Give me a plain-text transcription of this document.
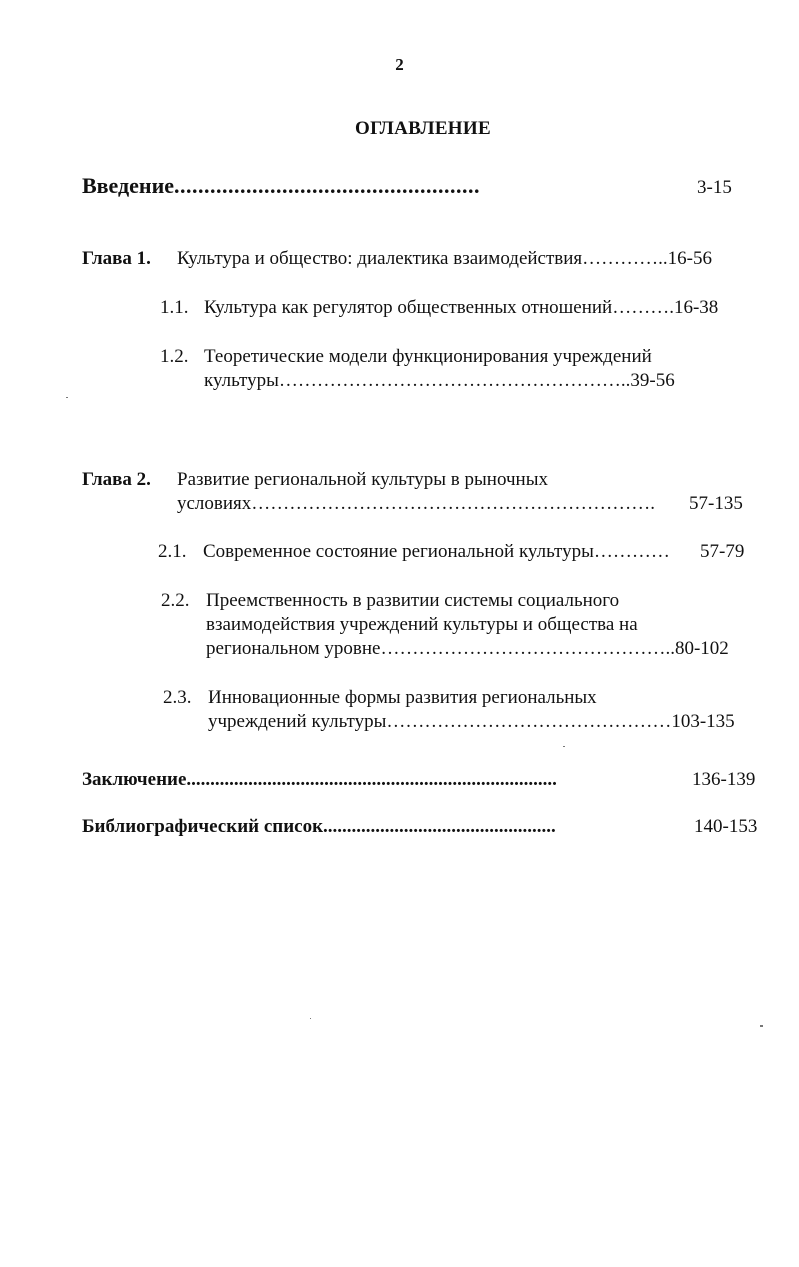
2
ОГЛАВЛЕНИЕ
Введение...................................................	3-15
Глава 1. Культура и общество: диалектика взаимодействия…………..16-56
1.1. Культура как регулятор общественных отношений……….16-38
1.2. Теоретические модели функционирования учреждений
культуры………………………………………………..39-56
Глава 2. Развитие региональной культуры в рыночных
условиях………………………………………………………. 57-135
2.1. Современное состояние региональной культуры………… 57-79
2.2. Преемственность в развитии системы социального
взаимодействия учреждений культуры и общества на
региональном уровне………………………………………..80-102
2.3. Инновационные формы развития региональных
учреждений культуры………………………………………103-135
Заключение..............................................................................	136-139
Библиографический список.................................................	140-153
